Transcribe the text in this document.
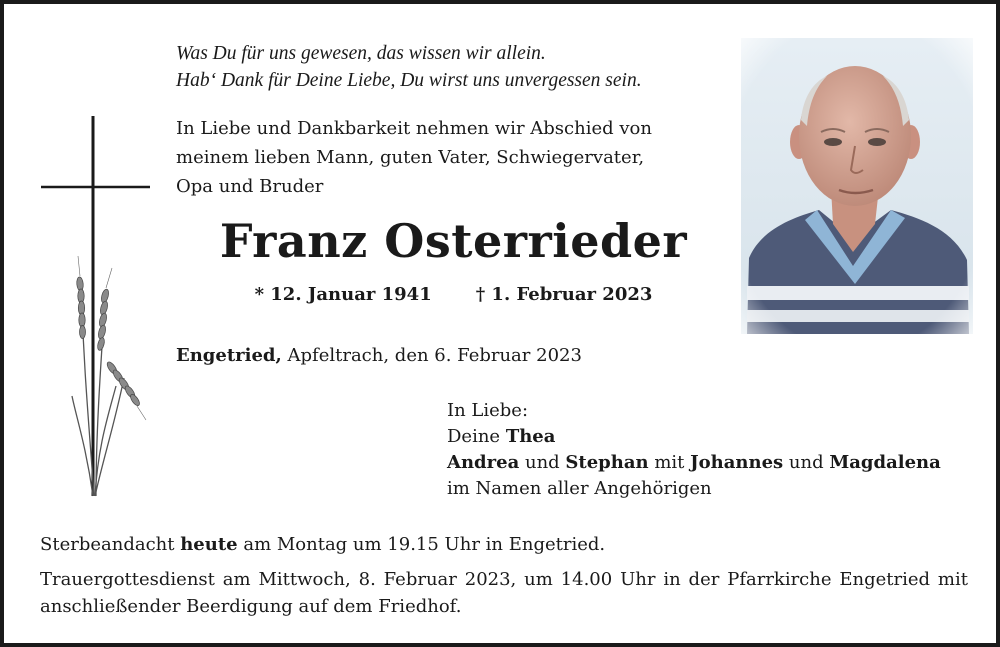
Was Du für uns gewesen, das wissen wir allein.
Hab‘ Dank für Deine Liebe, Du wirst uns unvergessen sein.
In Liebe und Dankbarkeit nehmen wir Abschied von
meinem lieben Mann, guten Vater, Schwiegervater,
Opa und Bruder
Franz Osterrieder
* 12. Januar 1941 † 1. Februar 2023
Engetried, Apfeltrach, den 6. Februar 2023
In Liebe:
Deine Thea
Andrea und Stephan mit Johannes und Magdalena
im Namen aller Angehörigen
Sterbeandacht heute am Montag um 19.15 Uhr in Engetried.
Trauergottesdienst am Mittwoch, 8. Februar 2023, um 14.00 Uhr in der Pfarrkirche Engetried mit anschließender Beerdigung auf dem Friedhof.
